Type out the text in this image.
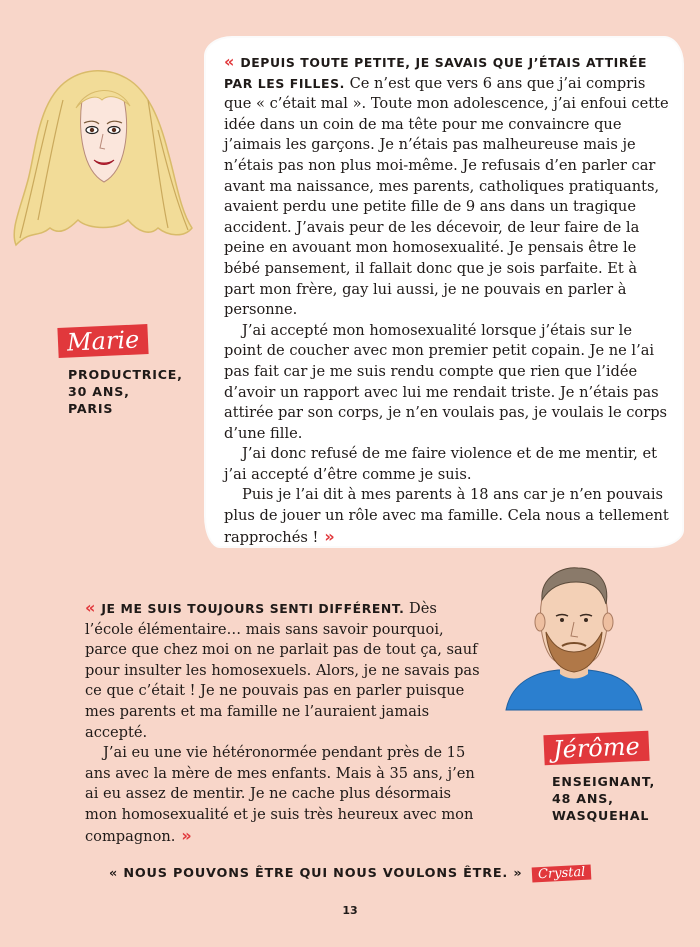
Marie
PRODUCTRICE,
30 ANS,
PARIS

« DEPUIS TOUTE PETITE, JE SAVAIS QUE J’ÉTAIS ATTIRÉE PAR LES FILLES. Ce n’est que vers 6 ans que j’ai compris que « c’était mal ». Toute mon adolescence, j’ai enfoui cette idée dans un coin de ma tête pour me convaincre que j’aimais les garçons. Je n’étais pas malheureuse mais je n’étais pas non plus moi-même. Je refusais d’en parler car avant ma naissance, mes parents, catholiques pratiquants, avaient perdu une petite fille de 9 ans dans un tragique accident. J’avais peur de les décevoir, de leur faire de la peine en avouant mon homosexualité. Je pensais être le bébé pansement, il fallait donc que je sois parfaite. Et à part mon frère, gay lui aussi, je ne pouvais en parler à personne.

J’ai accepté mon homosexualité lorsque j’étais sur le point de coucher avec mon premier petit copain. Je ne l’ai pas fait car je me suis rendu compte que rien que l’idée d’avoir un rapport avec lui me rendait triste. Je n’étais pas attirée par son corps, je n’en voulais pas, je voulais le corps d’une fille.

J’ai donc refusé de me faire violence et de me mentir, et j’ai accepté d’être comme je suis.

Puis je l’ai dit à mes parents à 18 ans car je n’en pouvais plus de jouer un rôle avec ma famille. Cela nous a tellement rapprochés ! »

« JE ME SUIS TOUJOURS SENTI DIFFÉRENT. Dès l’école élémentaire… mais sans savoir pourquoi, parce que chez moi on ne parlait pas de tout ça, sauf pour insulter les homosexuels. Alors, je ne savais pas ce que c’était ! Je ne pouvais pas en parler puisque mes parents et ma famille ne l’auraient jamais accepté.

J’ai eu une vie hétéronormée pendant près de 15 ans avec la mère de mes enfants. Mais à 35 ans, j’en ai eu assez de mentir. Je ne cache plus désormais mon homosexualité et je suis très heureux avec mon compagnon. »

Jérôme
ENSEIGNANT,
48 ANS,
WASQUEHAL
« NOUS POUVONS ÊTRE QUI NOUS VOULONS ÊTRE. » Crystal
13
